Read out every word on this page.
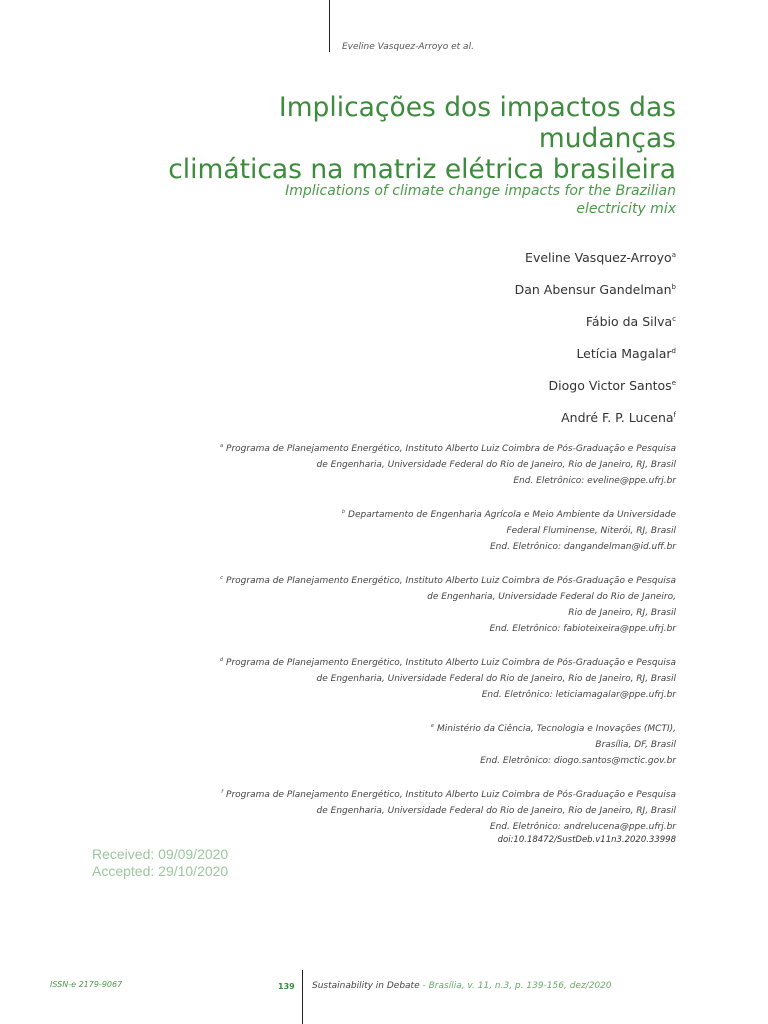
Eveline Vasquez-Arroyo et al.
Implicações dos impactos das mudanças
climáticas na matriz elétrica brasileira
Implications of climate change impacts for the Brazilian
electricity mix
Eveline Vasquez-Arroyo$^a$
Dan Abensur Gandelman$^b$
Fábio da Silva$^c$
Letícia Magalar$^d$
Diogo Victor Santos$^e$
André F. P. Lucena$^f$
$^a$ Programa de Planejamento Energético, Instituto Alberto Luiz Coimbra de Pós-Graduação e Pesquisa
de Engenharia, Universidade Federal do Rio de Janeiro, Rio de Janeiro, RJ, Brasil
End. Eletrônico: eveline@ppe.ufrj.br
$^b$ Departamento de Engenharia Agrícola e Meio Ambiente da Universidade
Federal Fluminense, Niterói, RJ, Brasil
End. Eletrônico: dangandelman@id.uff.br
$^c$ Programa de Planejamento Energético, Instituto Alberto Luiz Coimbra de Pós-Graduação e Pesquisa
de Engenharia, Universidade Federal do Rio de Janeiro,
Rio de Janeiro, RJ, Brasil
End. Eletrônico: fabioteixeira@ppe.ufrj.br
$^d$ Programa de Planejamento Energético, Instituto Alberto Luiz Coimbra de Pós-Graduação e Pesquisa
de Engenharia, Universidade Federal do Rio de Janeiro, Rio de Janeiro, RJ, Brasil
End. Eletrônico: leticiamagalar@ppe.ufrj.br
$^e$ Ministério da Ciência, Tecnologia e Inovações (MCTI),
Brasília, DF, Brasil
End. Eletrônico: diogo.santos@mctic.gov.br
$^f$ Programa de Planejamento Energético, Instituto Alberto Luiz Coimbra de Pós-Graduação e Pesquisa
de Engenharia, Universidade Federal do Rio de Janeiro, Rio de Janeiro, RJ, Brasil
End. Eletrônico: andrelucena@ppe.ufrj.br
doi:10.18472/SustDeb.v11n3.2020.33998
Received: 09/09/2020
Accepted: 29/10/2020
ISSN-e 2179-9067	139 Sustainability in Debate - Brasília, v. 11, n.3, p. 139-156, dez/2020
